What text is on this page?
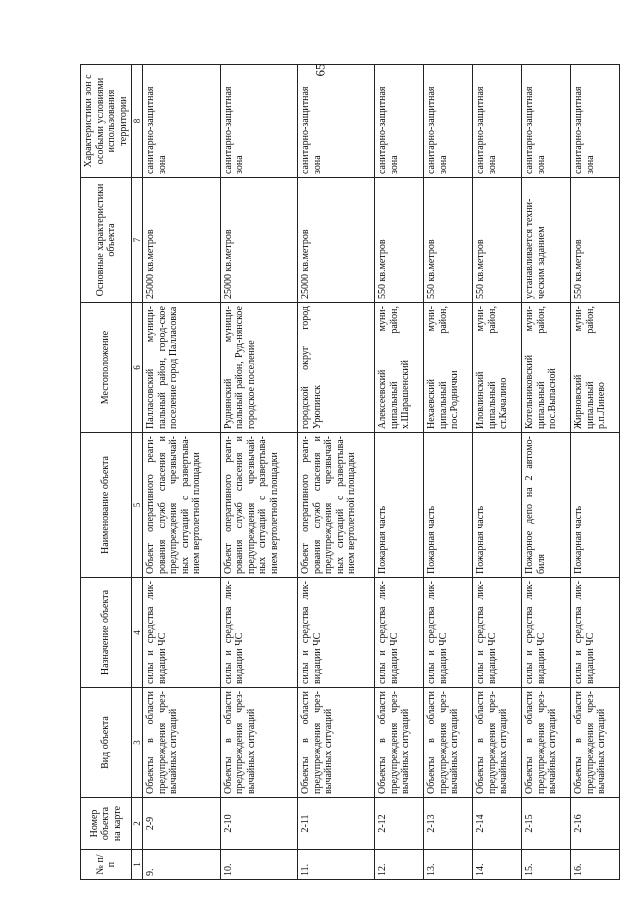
65
№ п/п	Номер объекта на карте	Вид объекта	Назначение объекта	Наименование объекта	Местоположение	Основные характеристики объекта	Характеристики зон с особыми условиями использования территории
1	2	3	4	5	6	7	8
9.	2-9	Объекты в области предупреждения чрез-вычайных ситуаций	силы и средства лик-видации ЧС	Объект оперативного реаги-рования служб спасения и предупреждения чрезвычай-ных ситуаций с развертыва-нием вертолетной площадки	Палласовский муници-пальный район, город-ское поселение город Палласовка	25000 кв.метров	санитарно-защитная зона
10.	2-10	Объекты в области предупреждения чрез-вычайных ситуаций	силы и средства лик-видации ЧС	Объект оперативного реаги-рования служб спасения и предупреждения чрезвычай-ных ситуаций с развертыва-нием вертолетной площадки	Руднянский муници-пальный район, Руд-нянское городское поселение	25000 кв.метров	санитарно-защитная зона
11.	2-11	Объекты в области предупреждения чрез-вычайных ситуаций	силы и средства лик-видации ЧС	Объект оперативного реаги-рования служб спасения и предупреждения чрезвычай-ных ситуаций с развертыва-нием вертолетной площадки	городской округ город Урюпинск	25000 кв.метров	санитарно-защитная зона
12.	2-12	Объекты в области предупреждения чрез-вычайных ситуаций	силы и средства лик-видации ЧС	Пожарная часть	Алексеевский муни-ципальный район, х.Шарашенский	550 кв.метров	санитарно-защитная зона
13.	2-13	Объекты в области предупреждения чрез-вычайных ситуаций	силы и средства лик-видации ЧС	Пожарная часть	Нехаевский муни-ципальный район, пос.Роднички	550 кв.метров	санитарно-защитная зона
14.	2-14	Объекты в области предупреждения чрез-вычайных ситуаций	силы и средства лик-видации ЧС	Пожарная часть	Иловлинский муни-ципальный район, ст.Качалино	550 кв.метров	санитарно-защитная зона
15.	2-15	Объекты в области предупреждения чрез-вычайных ситуаций	силы и средства лик-видации ЧС	Пожарное депо на 2 автомо-биля	Котельниковский муни-ципальный район, пос.Выпасной	устанавливается техни-ческим заданием	санитарно-защитная зона
16.	2-16	Объекты в области предупреждения чрез-вычайных ситуаций	силы и средства лик-видации ЧС	Пожарная часть	Жирновский муни-ципальный район, р.п.Линево	550 кв.метров	санитарно-защитная зона
